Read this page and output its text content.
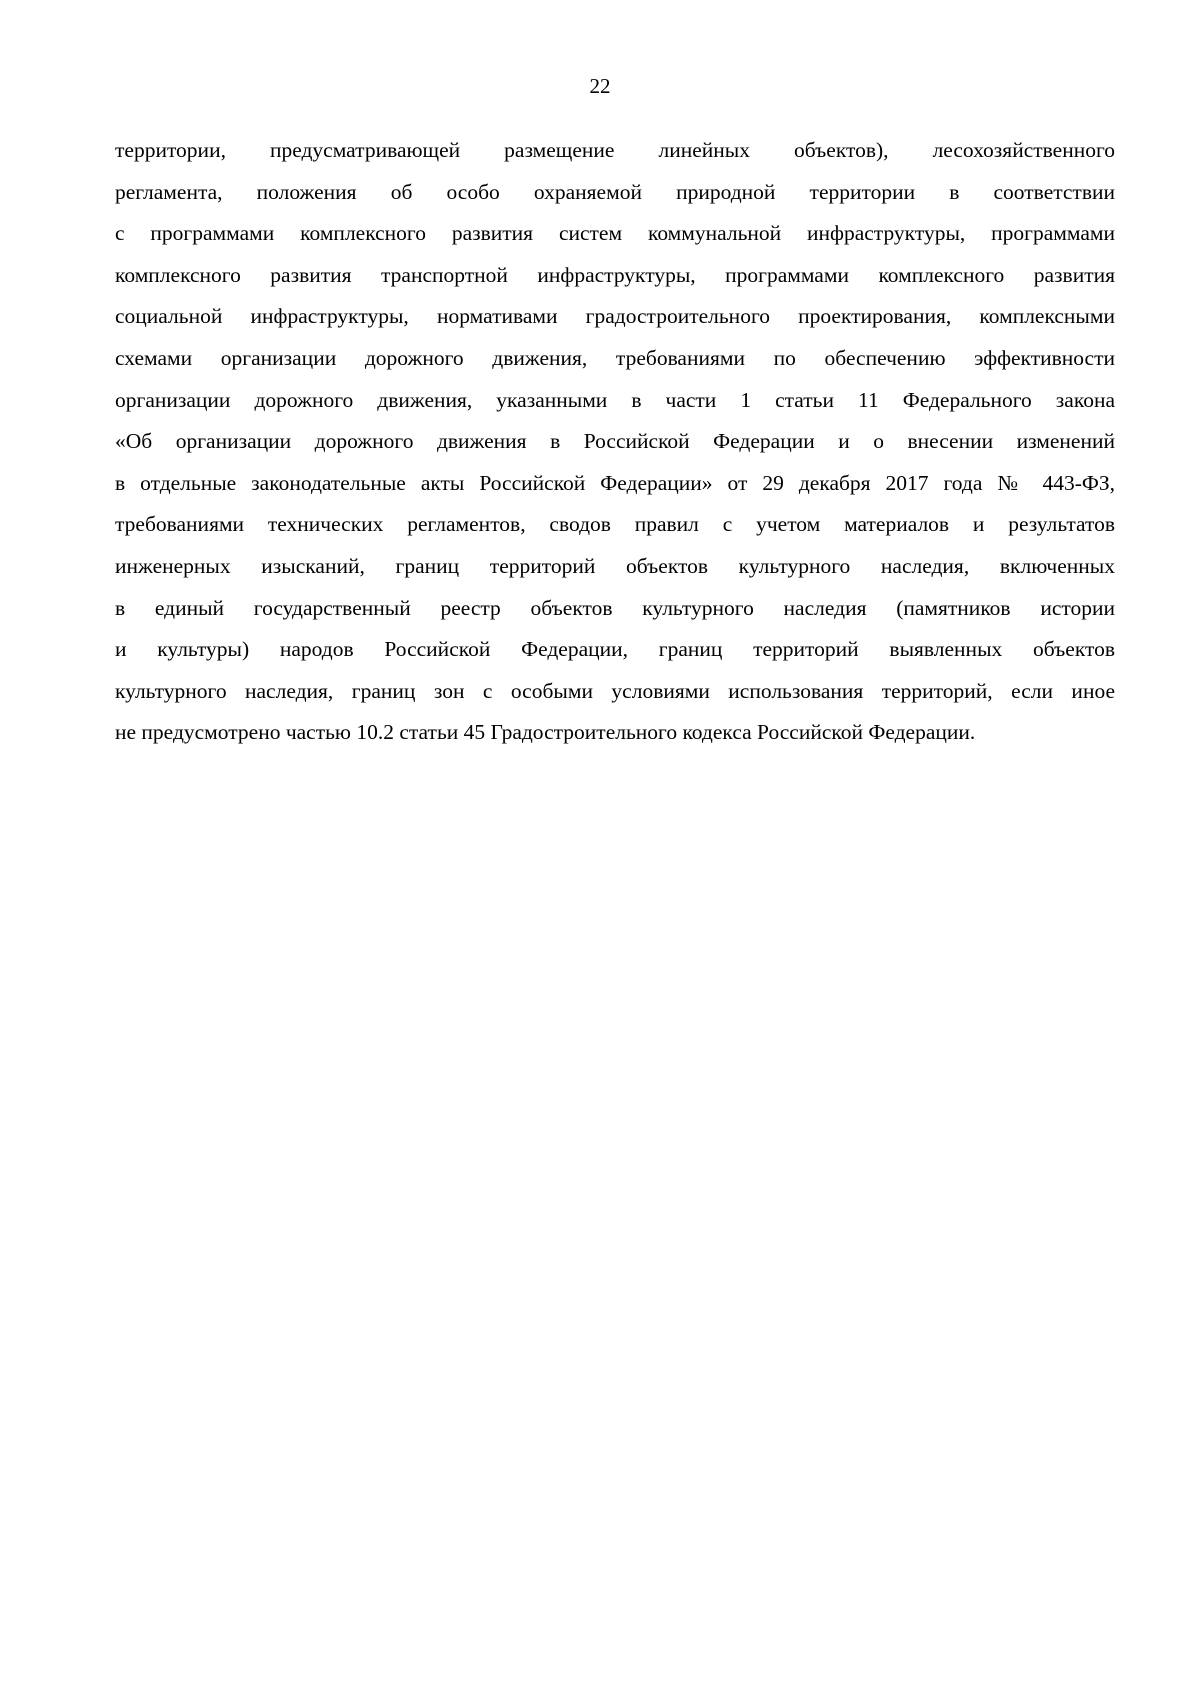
22
территории, предусматривающей размещение линейных объектов), лесохозяйственного
регламента, положения об особо охраняемой природной территории в соответствии
с программами комплексного развития систем коммунальной инфраструктуры, программами
комплексного развития транспортной инфраструктуры, программами комплексного развития
социальной инфраструктуры, нормативами градостроительного проектирования, комплексными
схемами организации дорожного движения, требованиями по обеспечению эффективности
организации дорожного движения, указанными в части 1 статьи 11 Федерального закона
«Об организации дорожного движения в Российской Федерации и о внесении изменений
в отдельные законодательные акты Российской Федерации» от 29 декабря 2017 года № 443-ФЗ,
требованиями технических регламентов, сводов правил с учетом материалов и результатов
инженерных изысканий, границ территорий объектов культурного наследия, включенных
в единый государственный реестр объектов культурного наследия (памятников истории
и культуры) народов Российской Федерации, границ территорий выявленных объектов
культурного наследия, границ зон с особыми условиями использования территорий, если иное
не предусмотрено частью 10.2 статьи 45 Градостроительного кодекса Российской Федерации.
